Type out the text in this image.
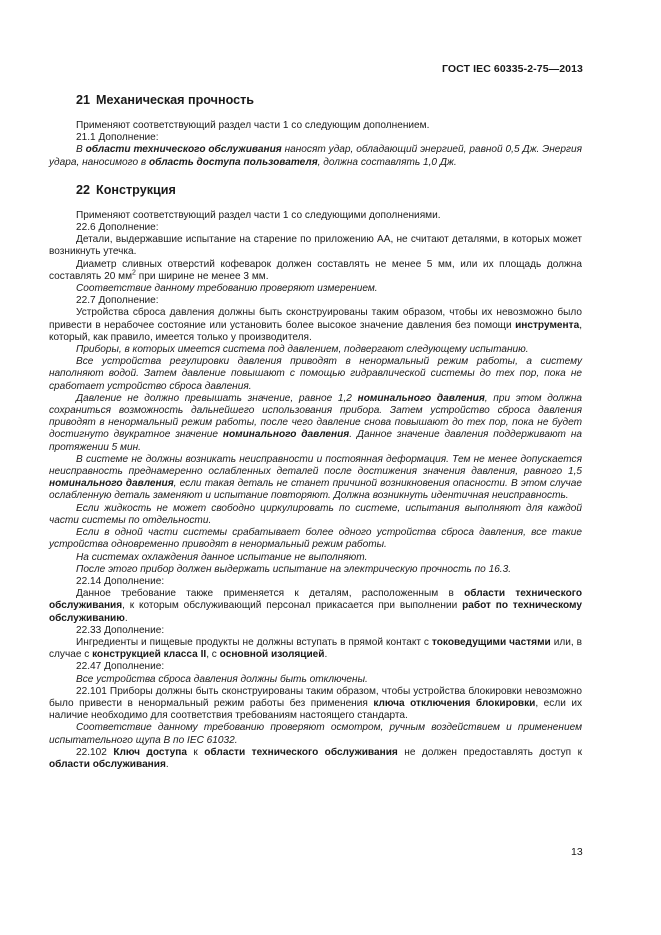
ГОСТ IEC 60335-2-75—2013
21 Механическая прочность

Применяют соответствующий раздел части 1 со следующим дополнением.

21.1 Дополнение:

В области технического обслуживания наносят удар, обладающий энергией, равной 0,5 Дж. Энергия удара, наносимого в область доступа пользователя, должна составлять 1,0 Дж.

22 Конструкция

Применяют соответствующий раздел части 1 со следующими дополнениями.

22.6 Дополнение:

Детали, выдержавшие испытание на старение по приложению АА, не считают деталями, в которых может возникнуть утечка.

Диаметр сливных отверстий кофеварок должен составлять не менее 5 мм, или их площадь должна составлять 20 $мм^2$ при ширине не менее 3 мм.

Соответствие данному требованию проверяют измерением.

22.7 Дополнение:

Устройства сброса давления должны быть сконструированы таким образом, чтобы их невозможно было привести в нерабочее состояние или установить более высокое значение давления без помощи инструмента, который, как правило, имеется только у производителя.

Приборы, в которых имеется система под давлением, подвергают следующему испытанию.

Все устройства регулировки давления приводят в ненормальный режим работы, а систему наполняют водой. Затем давление повышают с помощью гидравлической системы до тех пор, пока не сработает устройство сброса давления.

Давление не должно превышать значение, равное 1,2 номинального давления, при этом должна сохраниться возможность дальнейшего использования прибора. Затем устройство сброса давления приводят в ненормальный режим работы, после чего давление снова повышают до тех пор, пока не будет достигнуто двукратное значение номинального давления. Данное значение давления поддерживают на протяжении 5 мин.

В системе не должны возникать неисправности и постоянная деформация. Тем не менее допускается неисправность преднамеренно ослабленных деталей после достижения значения давления, равного 1,5 номинального давления, если такая деталь не станет причиной возникновения опасности. В этом случае ослабленную деталь заменяют и испытание повторяют. Должна возникнуть идентичная неисправность.

Если жидкость не может свободно циркулировать по системе, испытания выполняют для каждой части системы по отдельности.

Если в одной части системы срабатывает более одного устройства сброса давления, все такие устройства одновременно приводят в ненормальный режим работы.

На системах охлаждения данное испытание не выполняют.

После этого прибор должен выдержать испытание на электрическую прочность по 16.3.

22.14 Дополнение:

Данное требование также применяется к деталям, расположенным в области технического обслуживания, к которым обслуживающий персонал прикасается при выполнении работ по техническому обслуживанию.

22.33 Дополнение:

Ингредиенты и пищевые продукты не должны вступать в прямой контакт с токоведущими частями или, в случае с конструкцией класса II, с основной изоляцией.

22.47 Дополнение:

Все устройства сброса давления должны быть отключены.

22.101 Приборы должны быть сконструированы таким образом, чтобы устройства блокировки невозможно было привести в ненормальный режим работы без применения ключа отключения блокировки, если их наличие необходимо для соответствия требованиям настоящего стандарта.

Соответствие данному требованию проверяют осмотром, ручным воздействием и применением испытательного щупа В по IEC 61032.

22.102 Ключ доступа к области технического обслуживания не должен предоставлять доступ к области обслуживания.

13
